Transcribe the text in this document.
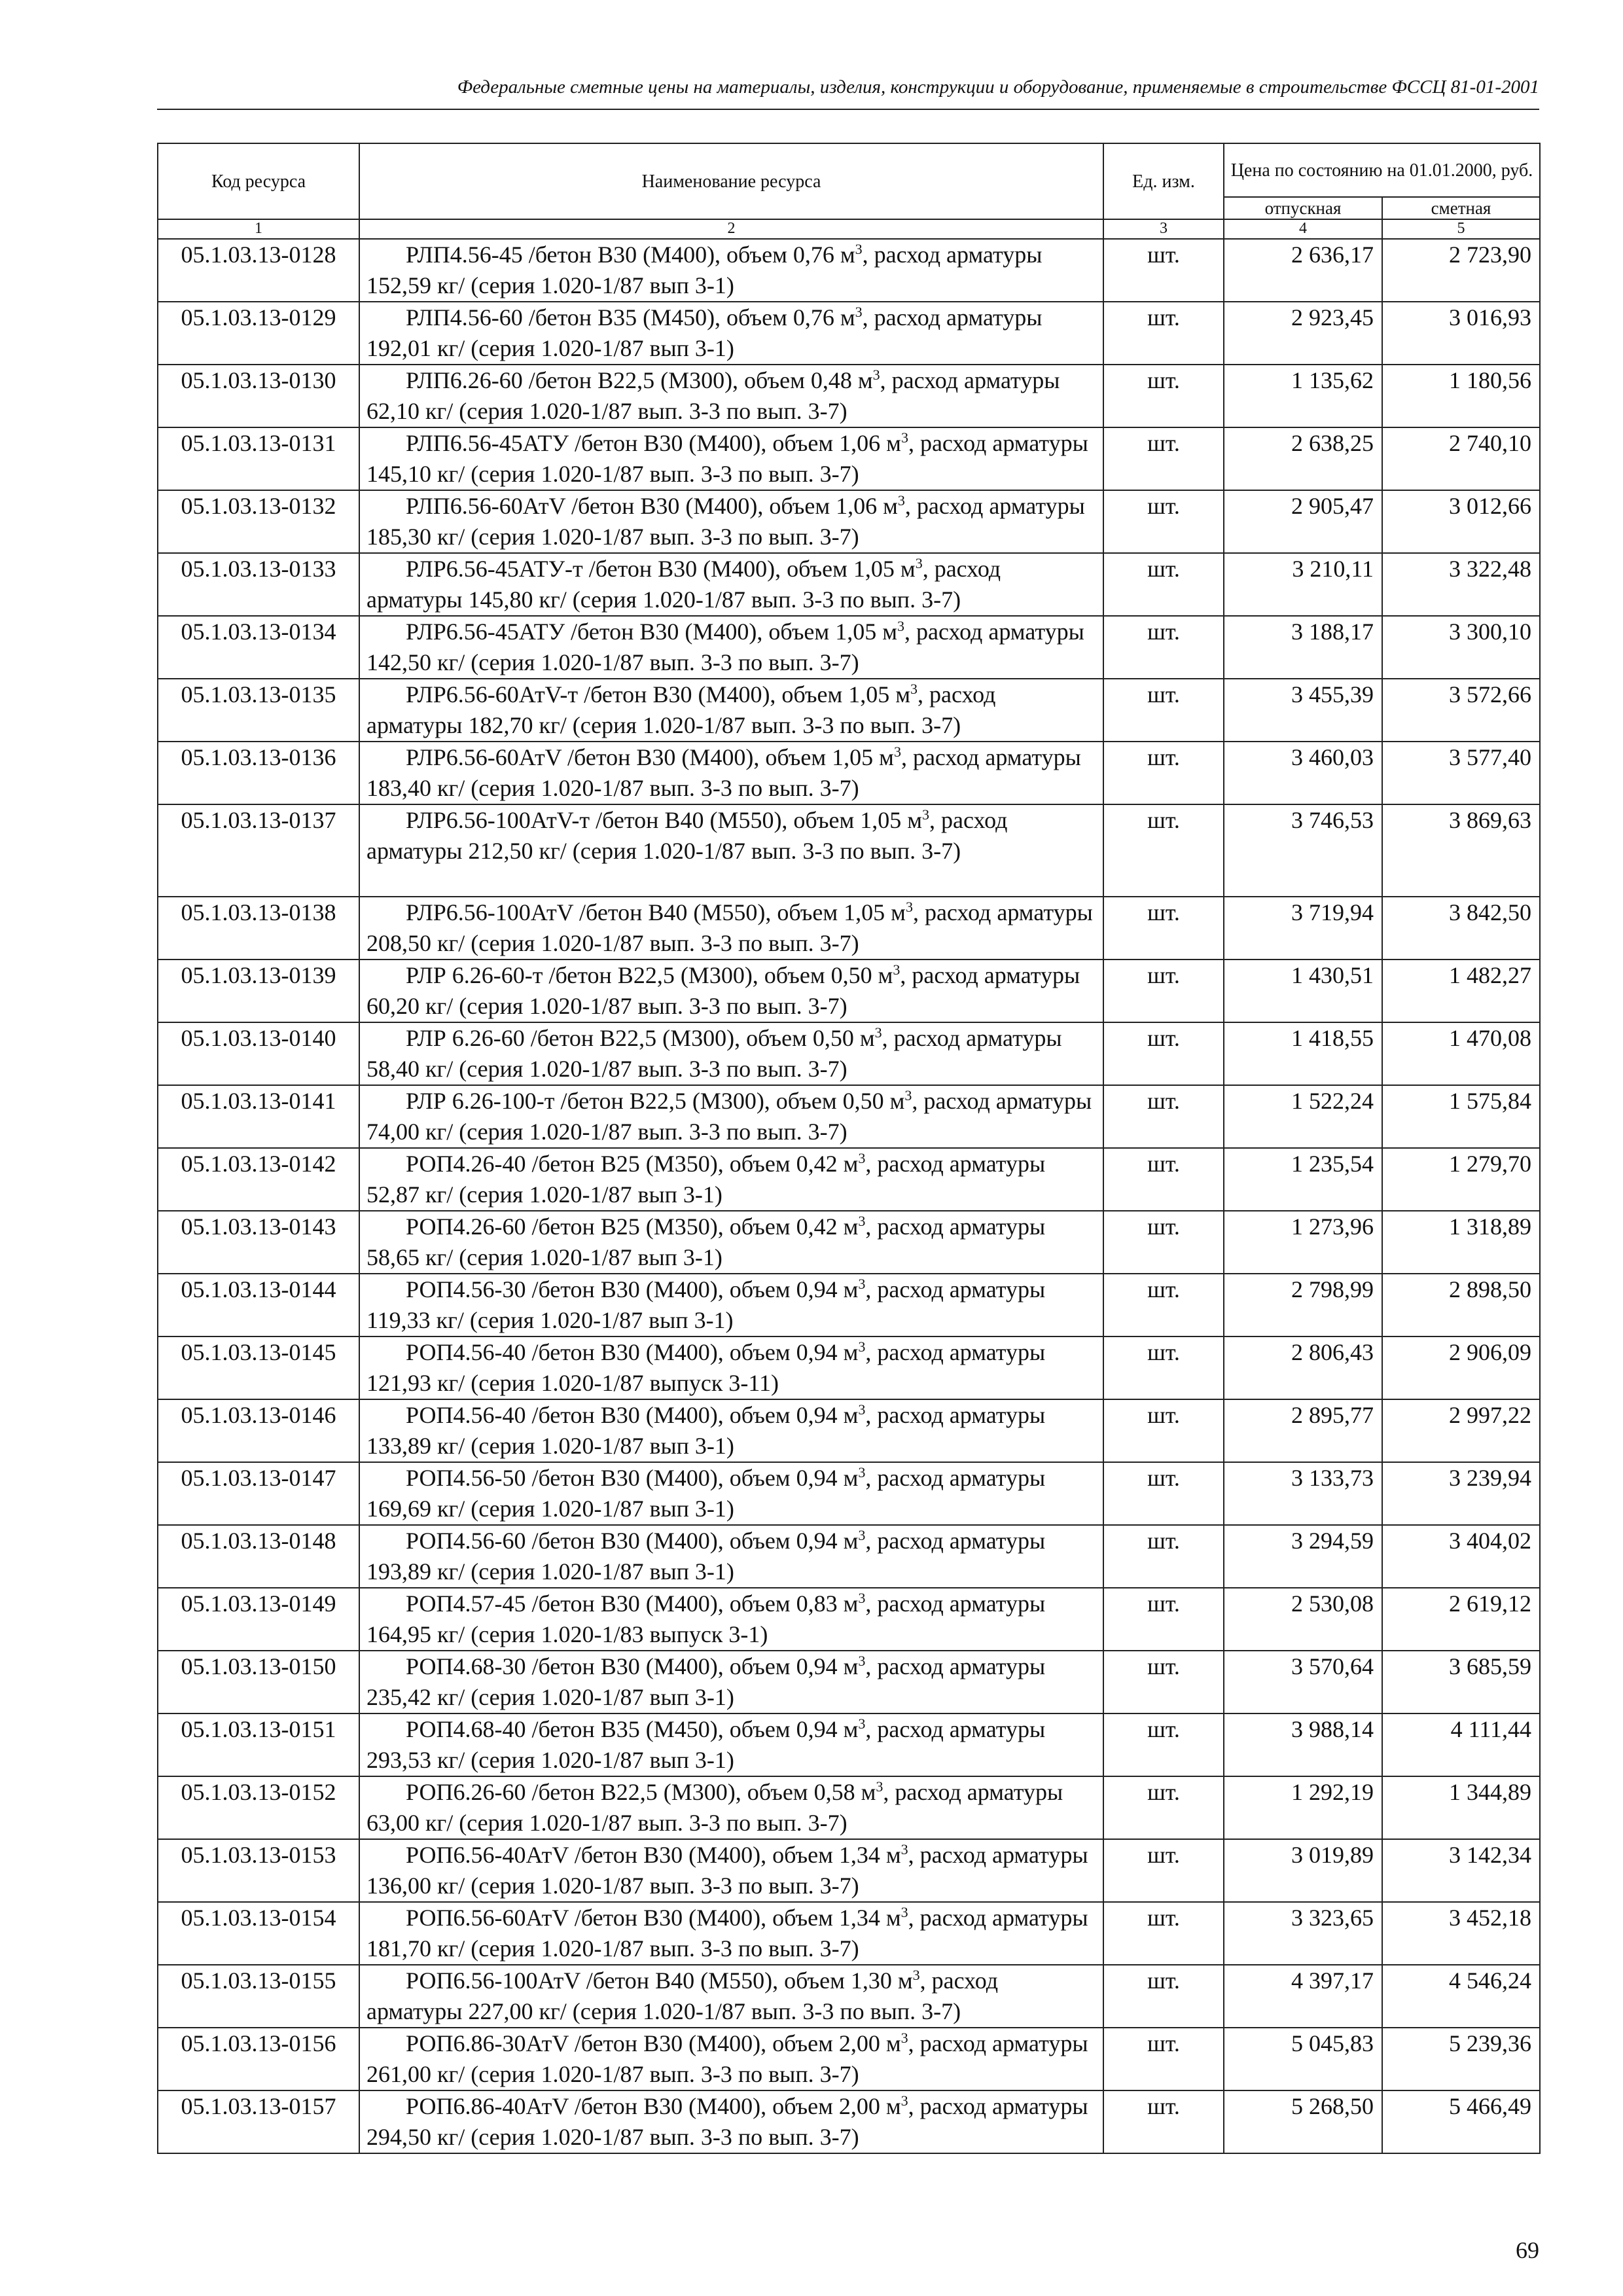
Федеральные сметные цены на материалы, изделия, конструкции и оборудование, применяемые в строительстве ФССЦ 81-01-2001
Код ресурса	Наименование ресурса	Ед. изм.	Цена по состоянию на 01.01.2000, руб.	
			отпускная	сметная
1	2	3	4	5
05.1.03.13-0128	РЛП4.56-45 /бетон В30 (М400), объем 0,76 $м^3$, расход арматуры 152,59 кг/ (серия 1.020-1/87 вып 3-1)	шт.	2 636,17	2 723,90
05.1.03.13-0129	РЛП4.56-60 /бетон В35 (М450), объем 0,76 $м^3$, расход арматуры 192,01 кг/ (серия 1.020-1/87 вып 3-1)	шт.	2 923,45	3 016,93
05.1.03.13-0130	РЛП6.26-60 /бетон В22,5 (М300), объем 0,48 $м^3$, расход арматуры 62,10 кг/ (серия 1.020-1/87 вып. 3-3 по вып. 3-7)	шт.	1 135,62	1 180,56
05.1.03.13-0131	РЛП6.56-45АТУ /бетон В30 (М400), объем 1,06 $м^3$, расход арматуры 145,10 кг/ (серия 1.020-1/87 вып. 3-3 по вып. 3-7)	шт.	2 638,25	2 740,10
05.1.03.13-0132	РЛП6.56-60АтV /бетон В30 (М400), объем 1,06 $м^3$, расход арматуры 185,30 кг/ (серия 1.020-1/87 вып. 3-3 по вып. 3-7)	шт.	2 905,47	3 012,66
05.1.03.13-0133	РЛР6.56-45АТУ-т /бетон В30 (М400), объем 1,05 $м^3$, расход арматуры 145,80 кг/ (серия 1.020-1/87 вып. 3-3 по вып. 3-7)	шт.	3 210,11	3 322,48
05.1.03.13-0134	РЛР6.56-45АТУ /бетон В30 (М400), объем 1,05 $м^3$, расход арматуры 142,50 кг/ (серия 1.020-1/87 вып. 3-3 по вып. 3-7)	шт.	3 188,17	3 300,10
05.1.03.13-0135	РЛР6.56-60АтV-т /бетон В30 (М400), объем 1,05 $м^3$, расход арматуры 182,70 кг/ (серия 1.020-1/87 вып. 3-3 по вып. 3-7)	шт.	3 455,39	3 572,66
05.1.03.13-0136	РЛР6.56-60АтV /бетон В30 (М400), объем 1,05 $м^3$, расход арматуры 183,40 кг/ (серия 1.020-1/87 вып. 3-3 по вып. 3-7)	шт.	3 460,03	3 577,40
05.1.03.13-0137	РЛР6.56-100АтV-т /бетон В40 (М550), объем 1,05 $м^3$, расход арматуры 212,50 кг/ (серия 1.020-1/87 вып. 3-3 по вып. 3-7)	шт.	3 746,53	3 869,63
05.1.03.13-0138	РЛР6.56-100АтV /бетон В40 (М550), объем 1,05 $м^3$, расход арматуры 208,50 кг/ (серия 1.020-1/87 вып. 3-3 по вып. 3-7)	шт.	3 719,94	3 842,50
05.1.03.13-0139	РЛР 6.26-60-т /бетон В22,5 (М300), объем 0,50 $м^3$, расход арматуры 60,20 кг/ (серия 1.020-1/87 вып. 3-3 по вып. 3-7)	шт.	1 430,51	1 482,27
05.1.03.13-0140	РЛР 6.26-60 /бетон В22,5 (М300), объем 0,50 $м^3$, расход арматуры 58,40 кг/ (серия 1.020-1/87 вып. 3-3 по вып. 3-7)	шт.	1 418,55	1 470,08
05.1.03.13-0141	РЛР 6.26-100-т /бетон В22,5 (М300), объем 0,50 $м^3$, расход арматуры 74,00 кг/ (серия 1.020-1/87 вып. 3-3 по вып. 3-7)	шт.	1 522,24	1 575,84
05.1.03.13-0142	РОП4.26-40 /бетон В25 (М350), объем 0,42 $м^3$, расход арматуры 52,87 кг/ (серия 1.020-1/87 вып 3-1)	шт.	1 235,54	1 279,70
05.1.03.13-0143	РОП4.26-60 /бетон В25 (М350), объем 0,42 $м^3$, расход арматуры 58,65 кг/ (серия 1.020-1/87 вып 3-1)	шт.	1 273,96	1 318,89
05.1.03.13-0144	РОП4.56-30 /бетон В30 (М400), объем 0,94 $м^3$, расход арматуры 119,33 кг/ (серия 1.020-1/87 вып 3-1)	шт.	2 798,99	2 898,50
05.1.03.13-0145	РОП4.56-40 /бетон В30 (М400), объем 0,94 $м^3$, расход арматуры 121,93 кг/ (серия 1.020-1/87 выпуск 3-11)	шт.	2 806,43	2 906,09
05.1.03.13-0146	РОП4.56-40 /бетон В30 (М400), объем 0,94 $м^3$, расход арматуры 133,89 кг/ (серия 1.020-1/87 вып 3-1)	шт.	2 895,77	2 997,22
05.1.03.13-0147	РОП4.56-50 /бетон В30 (М400), объем 0,94 $м^3$, расход арматуры 169,69 кг/ (серия 1.020-1/87 вып 3-1)	шт.	3 133,73	3 239,94
05.1.03.13-0148	РОП4.56-60 /бетон В30 (М400), объем 0,94 $м^3$, расход арматуры 193,89 кг/ (серия 1.020-1/87 вып 3-1)	шт.	3 294,59	3 404,02
05.1.03.13-0149	РОП4.57-45 /бетон В30 (М400), объем 0,83 $м^3$, расход арматуры 164,95 кг/ (серия 1.020-1/83 выпуск 3-1)	шт.	2 530,08	2 619,12
05.1.03.13-0150	РОП4.68-30 /бетон В30 (М400), объем 0,94 $м^3$, расход арматуры 235,42 кг/ (серия 1.020-1/87 вып 3-1)	шт.	3 570,64	3 685,59
05.1.03.13-0151	РОП4.68-40 /бетон В35 (М450), объем 0,94 $м^3$, расход арматуры 293,53 кг/ (серия 1.020-1/87 вып 3-1)	шт.	3 988,14	4 111,44
05.1.03.13-0152	РОП6.26-60 /бетон В22,5 (М300), объем 0,58 $м^3$, расход арматуры 63,00 кг/ (серия 1.020-1/87 вып. 3-3 по вып. 3-7)	шт.	1 292,19	1 344,89
05.1.03.13-0153	РОП6.56-40АтV /бетон В30 (М400), объем 1,34 $м^3$, расход арматуры 136,00 кг/ (серия 1.020-1/87 вып. 3-3 по вып. 3-7)	шт.	3 019,89	3 142,34
05.1.03.13-0154	РОП6.56-60АтV /бетон В30 (М400), объем 1,34 $м^3$, расход арматуры 181,70 кг/ (серия 1.020-1/87 вып. 3-3 по вып. 3-7)	шт.	3 323,65	3 452,18
05.1.03.13-0155	РОП6.56-100АтV /бетон В40 (М550), объем 1,30 $м^3$, расход арматуры 227,00 кг/ (серия 1.020-1/87 вып. 3-3 по вып. 3-7)	шт.	4 397,17	4 546,24
05.1.03.13-0156	РОП6.86-30АтV /бетон В30 (М400), объем 2,00 $м^3$, расход арматуры 261,00 кг/ (серия 1.020-1/87 вып. 3-3 по вып. 3-7)	шт.	5 045,83	5 239,36
05.1.03.13-0157	РОП6.86-40АтV /бетон В30 (М400), объем 2,00 $м^3$, расход арматуры 294,50 кг/ (серия 1.020-1/87 вып. 3-3 по вып. 3-7)	шт.	5 268,50	5 466,49
69
